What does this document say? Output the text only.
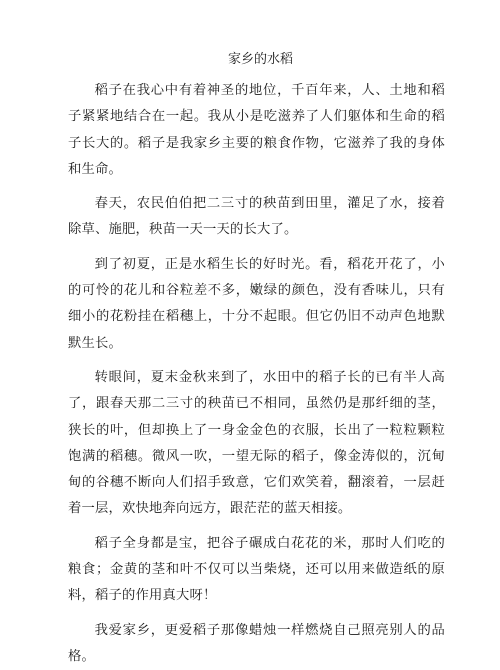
家乡的水稻

稻子在我心中有着神圣的地位，千百年来，人、土地和稻子紧紧地结合在一起。我从小是吃滋养了人们躯体和生命的稻子长大的。稻子是我家乡主要的粮食作物，它滋养了我的身体和生命。

春天，农民伯伯把二三寸的秧苗到田里，灌足了水，接着除草、施肥，秧苗一天一天的长大了。

到了初夏，正是水稻生长的好时光。看，稻花开花了，小的可怜的花儿和谷粒差不多，嫩绿的颜色，没有香味儿，只有细小的花粉挂在稻穗上，十分不起眼。但它仍旧不动声色地默默生长。

转眼间，夏末金秋来到了，水田中的稻子长的已有半人高了，跟春天那二三寸的秧苗已不相同，虽然仍是那纤细的茎，狭长的叶，但却换上了一身金金色的衣服，长出了一粒粒颗粒饱满的稻穗。微风一吹，一望无际的稻子，像金涛似的，沉甸甸的谷穗不断向人们招手致意，它们欢笑着，翻滚着，一层赶着一层，欢快地奔向远方，跟茫茫的蓝天相接。

稻子全身都是宝，把谷子碾成白花花的米，那时人们吃的粮食；金黄的茎和叶不仅可以当柴烧，还可以用来做造纸的原料，稻子的作用真大呀！

我爱家乡，更爱稻子那像蜡烛一样燃烧自己照亮别人的品格。
